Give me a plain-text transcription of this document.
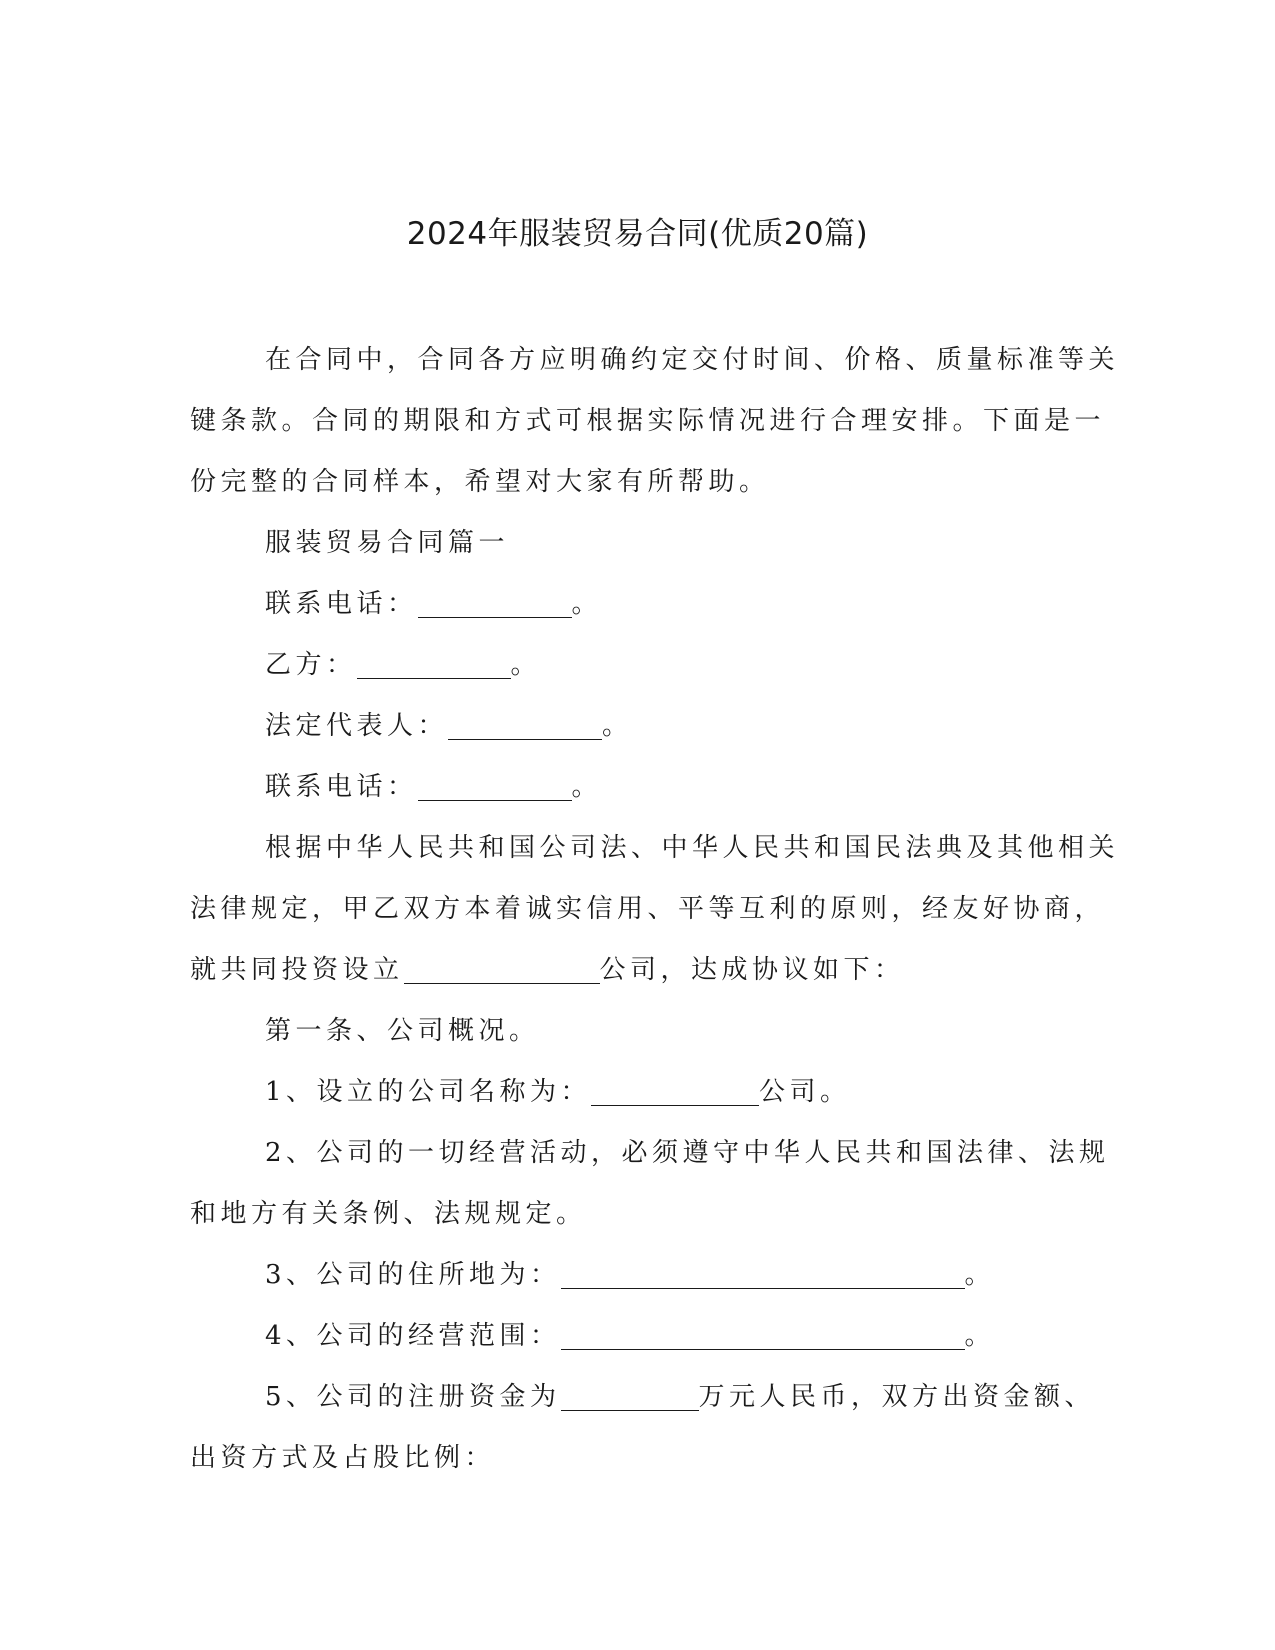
2024年服装贸易合同(优质20篇)
在合同中，合同各方应明确约定交付时间、价格、质量标准等关
键条款。合同的期限和方式可根据实际情况进行合理安排。下面是一
份完整的合同样本，希望对大家有所帮助。
服装贸易合同篇一
联系电话：	。
乙方：	。
法定代表人：	。
联系电话：	。
根据中华人民共和国公司法、中华人民共和国民法典及其他相关
法律规定，甲乙双方本着诚实信用、平等互利的原则，经友好协商，
就共同投资设立	公司，达成协议如下：
第一条、公司概况。
1、设立的公司名称为：	公司。
2、公司的一切经营活动，必须遵守中华人民共和国法律、法规
和地方有关条例、法规规定。
3、公司的住所地为：	。
4、公司的经营范围：	。
5、公司的注册资金为	万元人民币，双方出资金额、
出资方式及占股比例：
